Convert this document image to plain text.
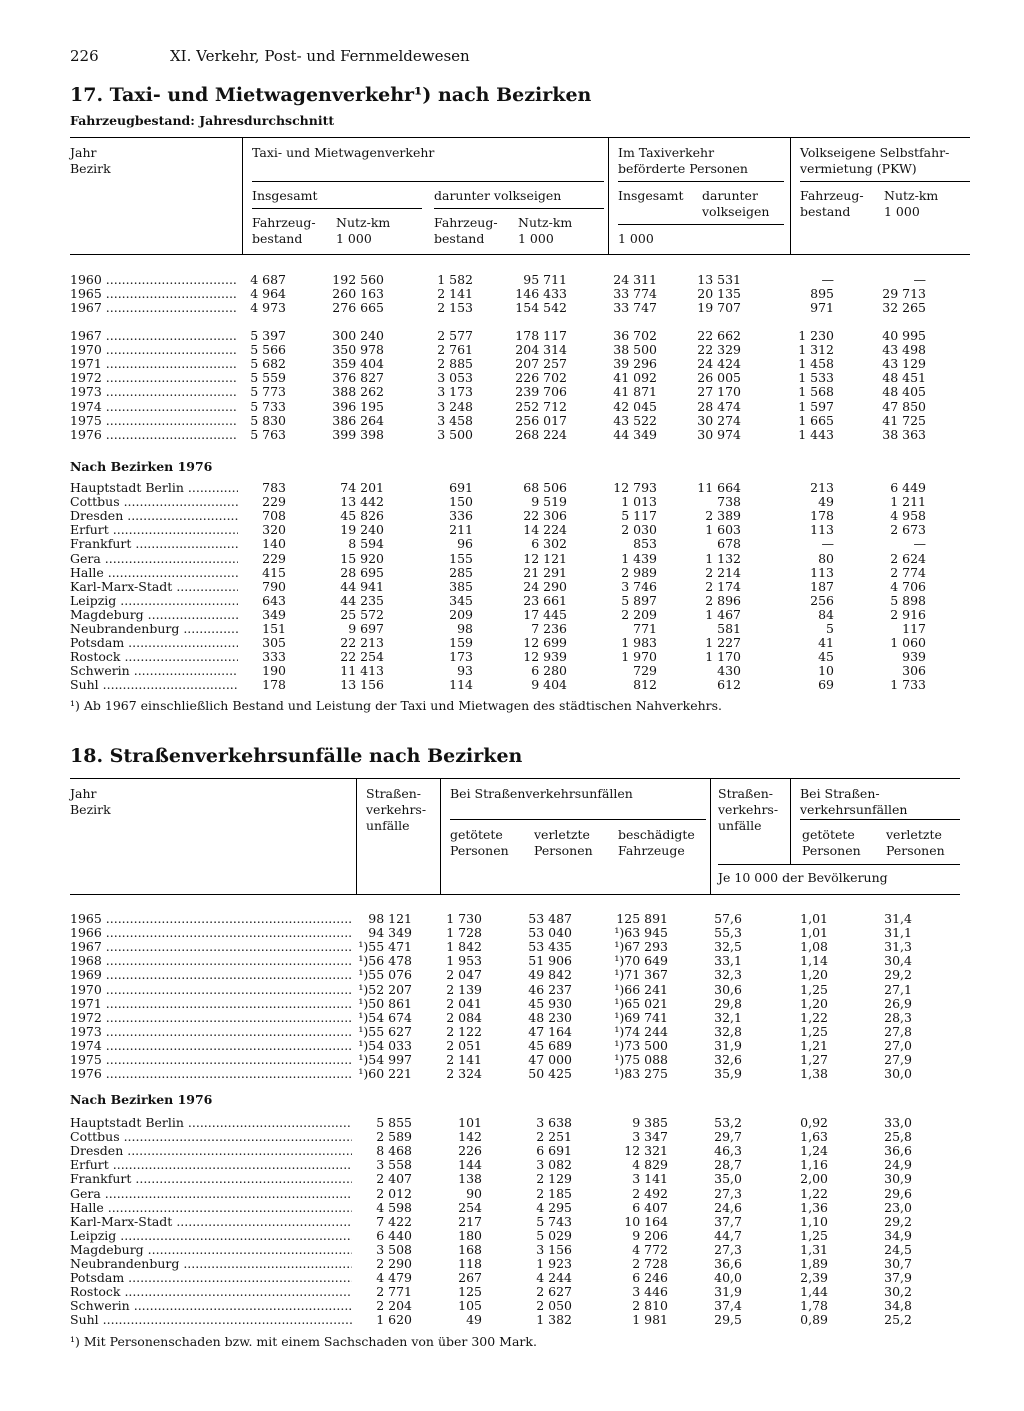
226	XI. Verkehr, Post- und Fernmeldewesen
17. Taxi- und Mietwagenverkehr¹) nach Bezirken
Fahrzeugbestand: Jahresdurchschnitt
Jahr
Bezirk
Taxi- und Mietwagenverkehr
Insgesamt	darunter volkseigen
Fahrzeug-
bestand
Nutz-km
1 000
Fahrzeug-
bestand
Nutz-km
1 000
Im Taxiverkehr
beförderte Personen
Insgesamt darunter
volkseigen
1 000
Volkseigene Selbstfahr-
vermietung (PKW)
Fahrzeug-
bestand
Nutz-km
1 000
1960 .....	4 687	192 560	1 582	95 711	24 311	13 531	—	—
1965 .....	4 964	260 163	2 141	146 433	33 774	20 135	895	29 713
1967 .....	4 973	276 665	2 153	154 542	33 747	19 707	971	32 265
1967 .....	5 397	300 240	2 577	178 117	36 702	22 662	1 230	40 995
1970 .....	5 566	350 978	2 761	204 314	38 500	22 329	1 312	43 498
1971 .....	5 682	359 404	2 885	207 257	39 296	24 424	1 458	43 129
1972 .....	5 559	376 827	3 053	226 702	41 092	26 005	1 533	48 451
1973 .....	5 773	388 262	3 173	239 706	41 871	27 170	1 568	48 405
1974 .....	5 733	396 195	3 248	252 712	42 045	28 474	1 597	47 850
1975 .....	5 830	386 264	3 458	256 017	43 522	30 274	1 665	41 725
1976 .....	5 763	399 398	3 500	268 224	44 349	30 974	1 443	38 363
Hauptstadt Berlin .....	783	74 201	691	68 506	12 793	11 664	213	6 449
Cottbus .....	229	13 442	150	9 519	1 013	738	49	1 211
Dresden .....	708	45 826	336	22 306	5 117	2 389	178	4 958
Erfurt .....	320	19 240	211	14 224	2 030	1 603	113	2 673
Frankfurt .....	140	8 594	96	6 302	853	678	—	—
Gera .....	229	15 920	155	12 121	1 439	1 132	80	2 624
Halle .....	415	28 695	285	21 291	2 989	2 214	113	2 774
Karl-Marx-Stadt .....	790	44 941	385	24 290	3 746	2 174	187	4 706
Leipzig .....	643	44 235	345	23 661	5 897	2 896	256	5 898
Magdeburg .....	349	25 572	209	17 445	2 209	1 467	84	2 916
Neubrandenburg .....	151	9 697	98	7 236	771	581	5	117
Potsdam .....	305	22 213	159	12 699	1 983	1 227	41	1 060
Rostock .....	333	22 254	173	12 939	1 970	1 170	45	939
Schwerin .....	190	11 413	93	6 280	729	430	10	306
Suhl .....	178	13 156	114	9 404	812	612	69	1 733
Nach Bezirken 1976
¹) Ab 1967 einschließlich Bestand und Leistung der Taxi und Mietwagen des städtischen Nahverkehrs.
18. Straßenverkehrsunfälle nach Bezirken
Jahr
Bezirk
Straßen-
verkehrs-
unfälle
Bei Straßenverkehrsunfällen
getötete
Personen
verletzte
Personen
beschädigte
Fahrzeuge
Straßen-
verkehrs-
unfälle
Bei Straßen-
verkehrsunfällen
getötete
Personen
verletzte
Personen
Je 10 000 der Bevölkerung
1965 .....	98 121	1 730	53 487	125 891	57,6	1,01	31,4
1966 .....	94 349	1 728	53 040	¹)63 945	55,3	1,01	31,1
1967 .....	¹)55 471	1 842	53 435	¹)67 293	32,5	1,08	31,3
1968 .....	¹)56 478	1 953	51 906	¹)70 649	33,1	1,14	30,4
1969 .....	¹)55 076	2 047	49 842	¹)71 367	32,3	1,20	29,2
1970 .....	¹)52 207	2 139	46 237	¹)66 241	30,6	1,25	27,1
1971 .....	¹)50 861	2 041	45 930	¹)65 021	29,8	1,20	26,9
1972 .....	¹)54 674	2 084	48 230	¹)69 741	32,1	1,22	28,3
1973 .....	¹)55 627	2 122	47 164	¹)74 244	32,8	1,25	27,8
1974 .....	¹)54 033	2 051	45 689	¹)73 500	31,9	1,21	27,0
1975 .....	¹)54 997	2 141	47 000	¹)75 088	32,6	1,27	27,9
1976 .....	¹)60 221	2 324	50 425	¹)83 275	35,9	1,38	30,0
Hauptstadt Berlin .....	5 855	101	3 638	9 385	53,2	0,92	33,0
Cottbus .....	2 589	142	2 251	3 347	29,7	1,63	25,8
Dresden .....	8 468	226	6 691	12 321	46,3	1,24	36,6
Erfurt .....	3 558	144	3 082	4 829	28,7	1,16	24,9
Frankfurt .....	2 407	138	2 129	3 141	35,0	2,00	30,9
Gera .....	2 012	90	2 185	2 492	27,3	1,22	29,6
Halle .....	4 598	254	4 295	6 407	24,6	1,36	23,0
Karl-Marx-Stadt .....	7 422	217	5 743	10 164	37,7	1,10	29,2
Leipzig .....	6 440	180	5 029	9 206	44,7	1,25	34,9
Magdeburg .....	3 508	168	3 156	4 772	27,3	1,31	24,5
Neubrandenburg .....	2 290	118	1 923	2 728	36,6	1,89	30,7
Potsdam .....	4 479	267	4 244	6 246	40,0	2,39	37,9
Rostock .....	2 771	125	2 627	3 446	31,9	1,44	30,2
Schwerin .....	2 204	105	2 050	2 810	37,4	1,78	34,8
Suhl .....	1 620	49	1 382	1 981	29,5	0,89	25,2
Nach Bezirken 1976
¹) Mit Personenschaden bzw. mit einem Sachschaden von über 300 Mark.
